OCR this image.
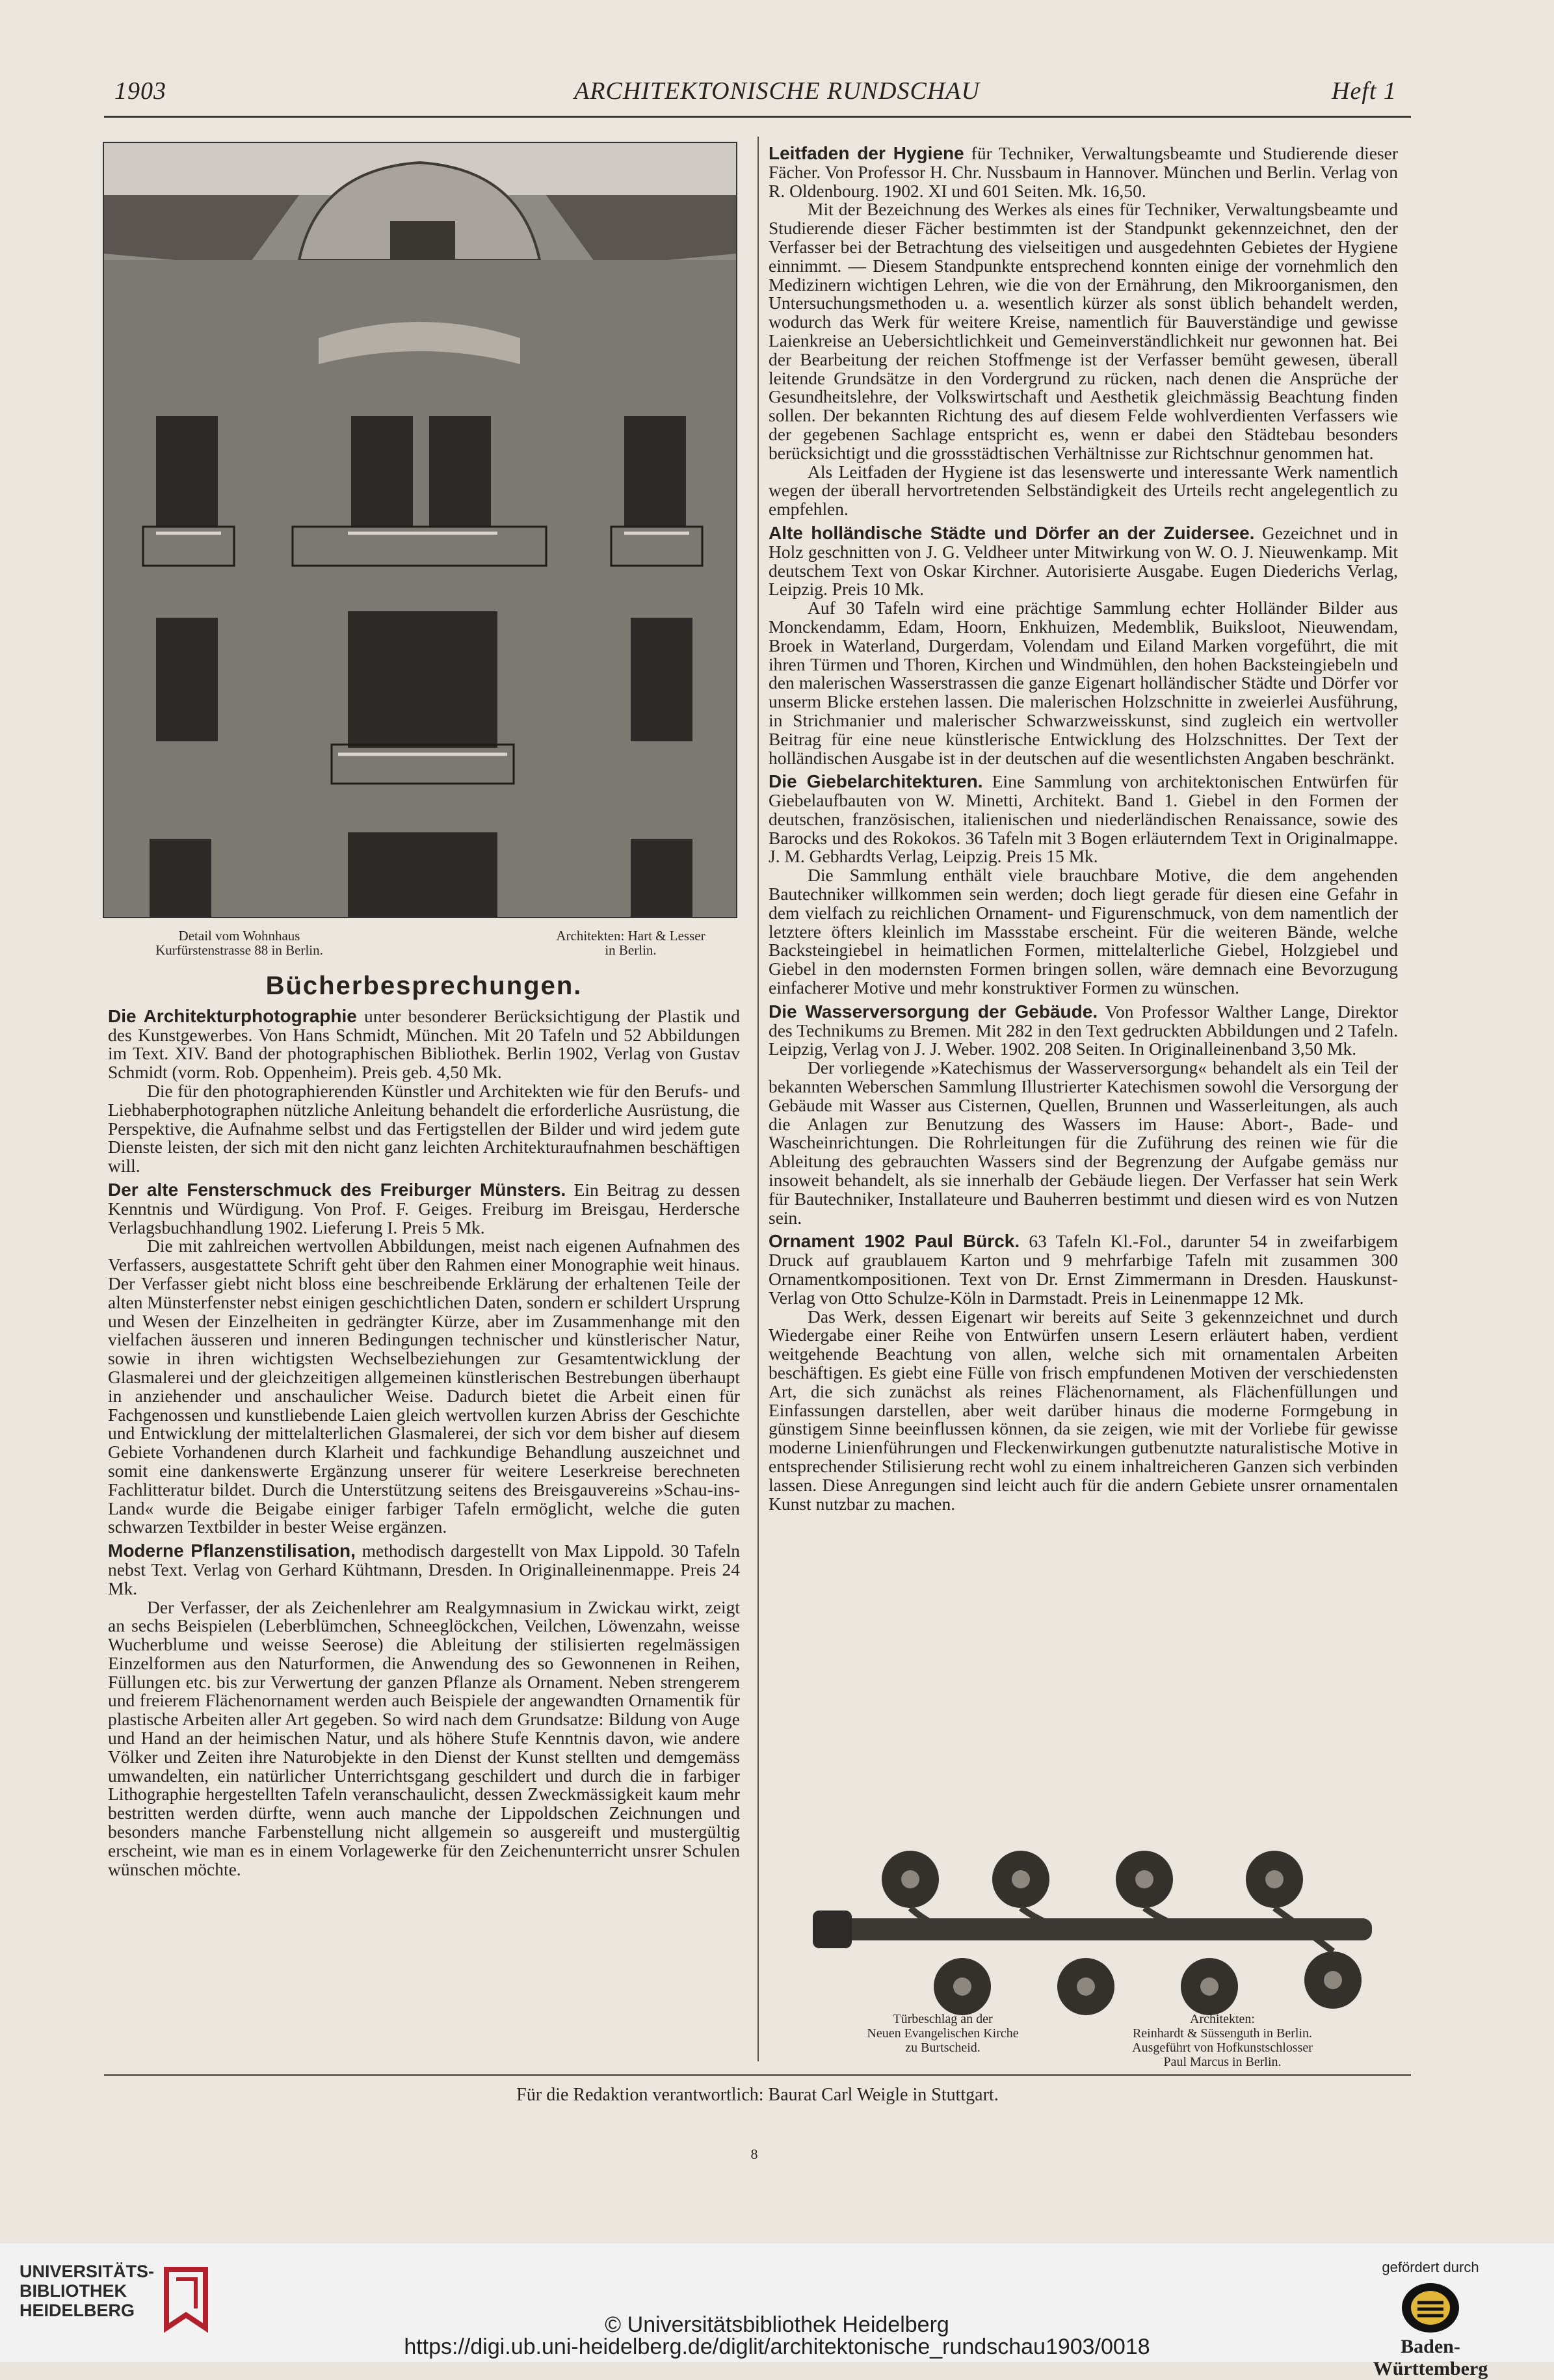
1903	ARCHITEKTONISCHE RUNDSCHAU	Heft 1
Detail vom Wohnhaus
Kurfürstenstrasse 88 in Berlin.
Architekten: Hart & Lesser
in Berlin.
Bücherbesprechungen.

Die Architekturphotographie unter besonderer Berücksichtigung der Plastik und des Kunstgewerbes. Von Hans Schmidt, München. Mit 20 Tafeln und 52 Abbildungen im Text. XIV. Band der photographischen Bibliothek. Berlin 1902, Verlag von Gustav Schmidt (vorm. Rob. Oppenheim). Preis geb. 4,50 Mk.

Die für den photographierenden Künstler und Architekten wie für den Berufs- und Liebhaberphotographen nützliche Anleitung behandelt die erforderliche Ausrüstung, die Perspektive, die Aufnahme selbst und das Fertigstellen der Bilder und wird jedem gute Dienste leisten, der sich mit den nicht ganz leichten Architekturaufnahmen beschäftigen will.

Der alte Fensterschmuck des Freiburger Münsters. Ein Beitrag zu dessen Kenntnis und Würdigung. Von Prof. F. Geiges. Freiburg im Breisgau, Herdersche Verlagsbuchhandlung 1902. Lieferung I. Preis 5 Mk.

Die mit zahlreichen wertvollen Abbildungen, meist nach eigenen Aufnahmen des Verfassers, ausgestattete Schrift geht über den Rahmen einer Monographie weit hinaus. Der Verfasser giebt nicht bloss eine beschreibende Erklärung der erhaltenen Teile der alten Münsterfenster nebst einigen geschichtlichen Daten, sondern er schildert Ursprung und Wesen der Einzelheiten in gedrängter Kürze, aber im Zusammenhange mit den vielfachen äusseren und inneren Bedingungen technischer und künstlerischer Natur, sowie in ihren wichtigsten Wechselbeziehungen zur Gesamtentwicklung der Glasmalerei und der gleichzeitigen allgemeinen künstlerischen Bestrebungen überhaupt in anziehender und anschaulicher Weise. Dadurch bietet die Arbeit einen für Fachgenossen und kunstliebende Laien gleich wertvollen kurzen Abriss der Geschichte und Entwicklung der mittelalterlichen Glasmalerei, der sich vor dem bisher auf diesem Gebiete Vorhandenen durch Klarheit und fachkundige Behandlung auszeichnet und somit eine dankenswerte Ergänzung unserer für weitere Leserkreise berechneten Fachlitteratur bildet. Durch die Unterstützung seitens des Breisgauvereins »Schau-ins-Land« wurde die Beigabe einiger farbiger Tafeln ermöglicht, welche die guten schwarzen Textbilder in bester Weise ergänzen.

Moderne Pflanzenstilisation, methodisch dargestellt von Max Lippold. 30 Tafeln nebst Text. Verlag von Gerhard Kühtmann, Dresden. In Originalleinenmappe. Preis 24 Mk.

Der Verfasser, der als Zeichenlehrer am Realgymnasium in Zwickau wirkt, zeigt an sechs Beispielen (Leberblümchen, Schneeglöckchen, Veilchen, Löwenzahn, weisse Wucherblume und weisse Seerose) die Ableitung der stilisierten regelmässigen Einzelformen aus den Naturformen, die Anwendung des so Gewonnenen in Reihen, Füllungen etc. bis zur Verwertung der ganzen Pflanze als Ornament. Neben strengerem und freierem Flächenornament werden auch Beispiele der angewandten Ornamentik für plastische Arbeiten aller Art gegeben. So wird nach dem Grundsatze: Bildung von Auge und Hand an der heimischen Natur, und als höhere Stufe Kenntnis davon, wie andere Völker und Zeiten ihre Naturobjekte in den Dienst der Kunst stellten und demgemäss umwandelten, ein natürlicher Unterrichtsgang geschildert und durch die in farbiger Lithographie hergestellten Tafeln veranschaulicht, dessen Zweckmässigkeit kaum mehr bestritten werden dürfte, wenn auch manche der Lippoldschen Zeichnungen und besonders manche Farbenstellung nicht allgemein so ausgereift und mustergültig erscheint, wie man es in einem Vorlagewerke für den Zeichenunterricht unsrer Schulen wünschen möchte.

Leitfaden der Hygiene für Techniker, Verwaltungsbeamte und Studierende dieser Fächer. Von Professor H. Chr. Nussbaum in Hannover. München und Berlin. Verlag von R. Oldenbourg. 1902. XI und 601 Seiten. Mk. 16,50.

Mit der Bezeichnung des Werkes als eines für Techniker, Verwaltungsbeamte und Studierende dieser Fächer bestimmten ist der Standpunkt gekennzeichnet, den der Verfasser bei der Betrachtung des vielseitigen und ausgedehnten Gebietes der Hygiene einnimmt. — Diesem Standpunkte entsprechend konnten einige der vornehmlich den Medizinern wichtigen Lehren, wie die von der Ernährung, den Mikroorganismen, den Untersuchungsmethoden u. a. wesentlich kürzer als sonst üblich behandelt werden, wodurch das Werk für weitere Kreise, namentlich für Bauverständige und gewisse Laienkreise an Uebersichtlichkeit und Gemeinverständlichkeit nur gewonnen hat. Bei der Bearbeitung der reichen Stoffmenge ist der Verfasser bemüht gewesen, überall leitende Grundsätze in den Vordergrund zu rücken, nach denen die Ansprüche der Gesundheitslehre, der Volkswirtschaft und Aesthetik gleichmässig Beachtung finden sollen. Der bekannten Richtung des auf diesem Felde wohlverdienten Verfassers wie der gegebenen Sachlage entspricht es, wenn er dabei den Städtebau besonders berücksichtigt und die grossstädtischen Verhältnisse zur Richtschnur genommen hat.

Als Leitfaden der Hygiene ist das lesenswerte und interessante Werk namentlich wegen der überall hervortretenden Selbständigkeit des Urteils recht angelegentlich zu empfehlen.

Alte holländische Städte und Dörfer an der Zuidersee. Gezeichnet und in Holz geschnitten von J. G. Veldheer unter Mitwirkung von W. O. J. Nieuwenkamp. Mit deutschem Text von Oskar Kirchner. Autorisierte Ausgabe. Eugen Diederichs Verlag, Leipzig. Preis 10 Mk.

Auf 30 Tafeln wird eine prächtige Sammlung echter Holländer Bilder aus Monckendamm, Edam, Hoorn, Enkhuizen, Medemblik, Buiksloot, Nieuwendam, Broek in Waterland, Durgerdam, Volendam und Eiland Marken vorgeführt, die mit ihren Türmen und Thoren, Kirchen und Windmühlen, den hohen Backsteingiebeln und den malerischen Wasserstrassen die ganze Eigenart holländischer Städte und Dörfer vor unserm Blicke erstehen lassen. Die malerischen Holzschnitte in zweierlei Ausführung, in Strichmanier und malerischer Schwarzweisskunst, sind zugleich ein wertvoller Beitrag für eine neue künstlerische Entwicklung des Holzschnittes. Der Text der holländischen Ausgabe ist in der deutschen auf die wesentlichsten Angaben beschränkt.

Die Giebelarchitekturen. Eine Sammlung von architektonischen Entwürfen für Giebelaufbauten von W. Minetti, Architekt. Band 1. Giebel in den Formen der deutschen, französischen, italienischen und niederländischen Renaissance, sowie des Barocks und des Rokokos. 36 Tafeln mit 3 Bogen erläuterndem Text in Originalmappe. J. M. Gebhardts Verlag, Leipzig. Preis 15 Mk.

Die Sammlung enthält viele brauchbare Motive, die dem angehenden Bautechniker willkommen sein werden; doch liegt gerade für diesen eine Gefahr in dem vielfach zu reichlichen Ornament- und Figurenschmuck, von dem namentlich der letztere öfters kleinlich im Massstabe erscheint. Für die weiteren Bände, welche Backsteingiebel in heimatlichen Formen, mittelalterliche Giebel, Holzgiebel und Giebel in den modernsten Formen bringen sollen, wäre demnach eine Bevorzugung einfacherer Motive und mehr konstruktiver Formen zu wünschen.

Die Wasserversorgung der Gebäude. Von Professor Walther Lange, Direktor des Technikums zu Bremen. Mit 282 in den Text gedruckten Abbildungen und 2 Tafeln. Leipzig, Verlag von J. J. Weber. 1902. 208 Seiten. In Originalleinenband 3,50 Mk.

Der vorliegende »Katechismus der Wasserversorgung« behandelt als ein Teil der bekannten Weberschen Sammlung Illustrierter Katechismen sowohl die Versorgung der Gebäude mit Wasser aus Cisternen, Quellen, Brunnen und Wasserleitungen, als auch die Anlagen zur Benutzung des Wassers im Hause: Abort-, Bade- und Wascheinrichtungen. Die Rohrleitungen für die Zuführung des reinen wie für die Ableitung des gebrauchten Wassers sind der Begrenzung der Aufgabe gemäss nur insoweit behandelt, als sie innerhalb der Gebäude liegen. Der Verfasser hat sein Werk für Bautechniker, Installateure und Bauherren bestimmt und diesen wird es von Nutzen sein.

Ornament 1902 Paul Bürck. 63 Tafeln Kl.-Fol., darunter 54 in zweifarbigem Druck auf graublauem Karton und 9 mehrfarbige Tafeln mit zusammen 300 Ornamentkompositionen. Text von Dr. Ernst Zimmermann in Dresden. Hauskunst-Verlag von Otto Schulze-Köln in Darmstadt. Preis in Leinenmappe 12 Mk.

Das Werk, dessen Eigenart wir bereits auf Seite 3 gekennzeichnet und durch Wiedergabe einer Reihe von Entwürfen unsern Lesern erläutert haben, verdient weitgehende Beachtung von allen, welche sich mit ornamentalen Arbeiten beschäftigen. Es giebt eine Fülle von frisch empfundenen Motiven der verschiedensten Art, die sich zunächst als reines Flächenornament, als Flächenfüllungen und Einfassungen darstellen, aber weit darüber hinaus die moderne Formgebung in günstigem Sinne beeinflussen können, da sie zeigen, wie mit der Vorliebe für gewisse moderne Linienführungen und Fleckenwirkungen gutbenutzte naturalistische Motive in entsprechender Stilisierung recht wohl zu einem inhaltreicheren Ganzen sich verbinden lassen. Diese Anregungen sind leicht auch für die andern Gebiete unsrer ornamentalen Kunst nutzbar zu machen.

Türbeschlag an der
Neuen Evangelischen Kirche
zu Burtscheid.
Architekten:
Reinhardt & Süssenguth in Berlin.
Ausgeführt von Hofkunstschlosser
Paul Marcus in Berlin.
Für die Redaktion verantwortlich: Baurat Carl Weigle in Stuttgart.
8
UNIVERSITÄTS-
BIBLIOTHEK
HEIDELBERG
© Universitätsbibliothek Heidelberg
https://digi.ub.uni-heidelberg.de/diglit/architektonische_rundschau1903/0018
gefördert durch
Baden-Württemberg
